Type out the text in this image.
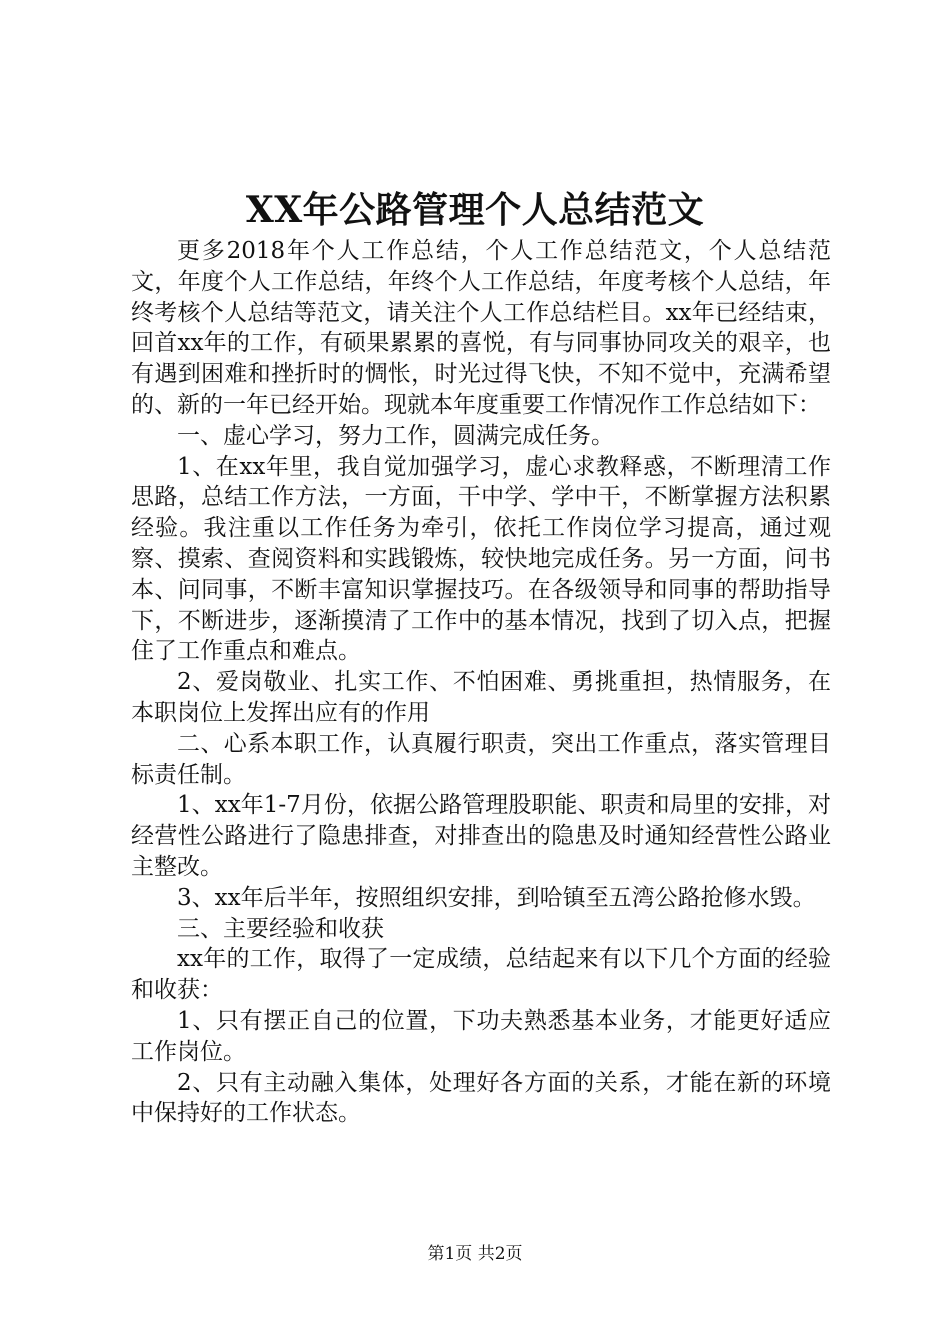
XX年公路管理个人总结范文

更多2018年个人工作总结，个人工作总结范文，个人总结范文，年度个人工作总结，年终个人工作总结，年度考核个人总结，年终考核个人总结等范文，请关注个人工作总结栏目。xx年已经结束，回首xx年的工作，有硕果累累的喜悦，有与同事协同攻关的艰辛，也有遇到困难和挫折时的惆怅，时光过得飞快，不知不觉中，充满希望的、新的一年已经开始。现就本年度重要工作情况作工作总结如下：

一、虚心学习，努力工作，圆满完成任务。

1、在xx年里，我自觉加强学习，虚心求教释惑，不断理清工作思路，总结工作方法，一方面，干中学、学中干，不断掌握方法积累经验。我注重以工作任务为牵引，依托工作岗位学习提高，通过观察、摸索、查阅资料和实践锻炼，较快地完成任务。另一方面，问书本、问同事，不断丰富知识掌握技巧。在各级领导和同事的帮助指导下，不断进步，逐渐摸清了工作中的基本情况，找到了切入点，把握住了工作重点和难点。

2、爱岗敬业、扎实工作、不怕困难、勇挑重担，热情服务，在本职岗位上发挥出应有的作用

二、心系本职工作，认真履行职责，突出工作重点，落实管理目标责任制。

1、xx年1-7月份，依据公路管理股职能、职责和局里的安排，对经营性公路进行了隐患排查，对排查出的隐患及时通知经营性公路业主整改。

3、xx年后半年，按照组织安排，到哈镇至五湾公路抢修水毁。

三、主要经验和收获

xx年的工作，取得了一定成绩，总结起来有以下几个方面的经验和收获：

1、只有摆正自己的位置，下功夫熟悉基本业务，才能更好适应工作岗位。

2、只有主动融入集体，处理好各方面的关系，才能在新的环境中保持好的工作状态。

第1页 共2页
